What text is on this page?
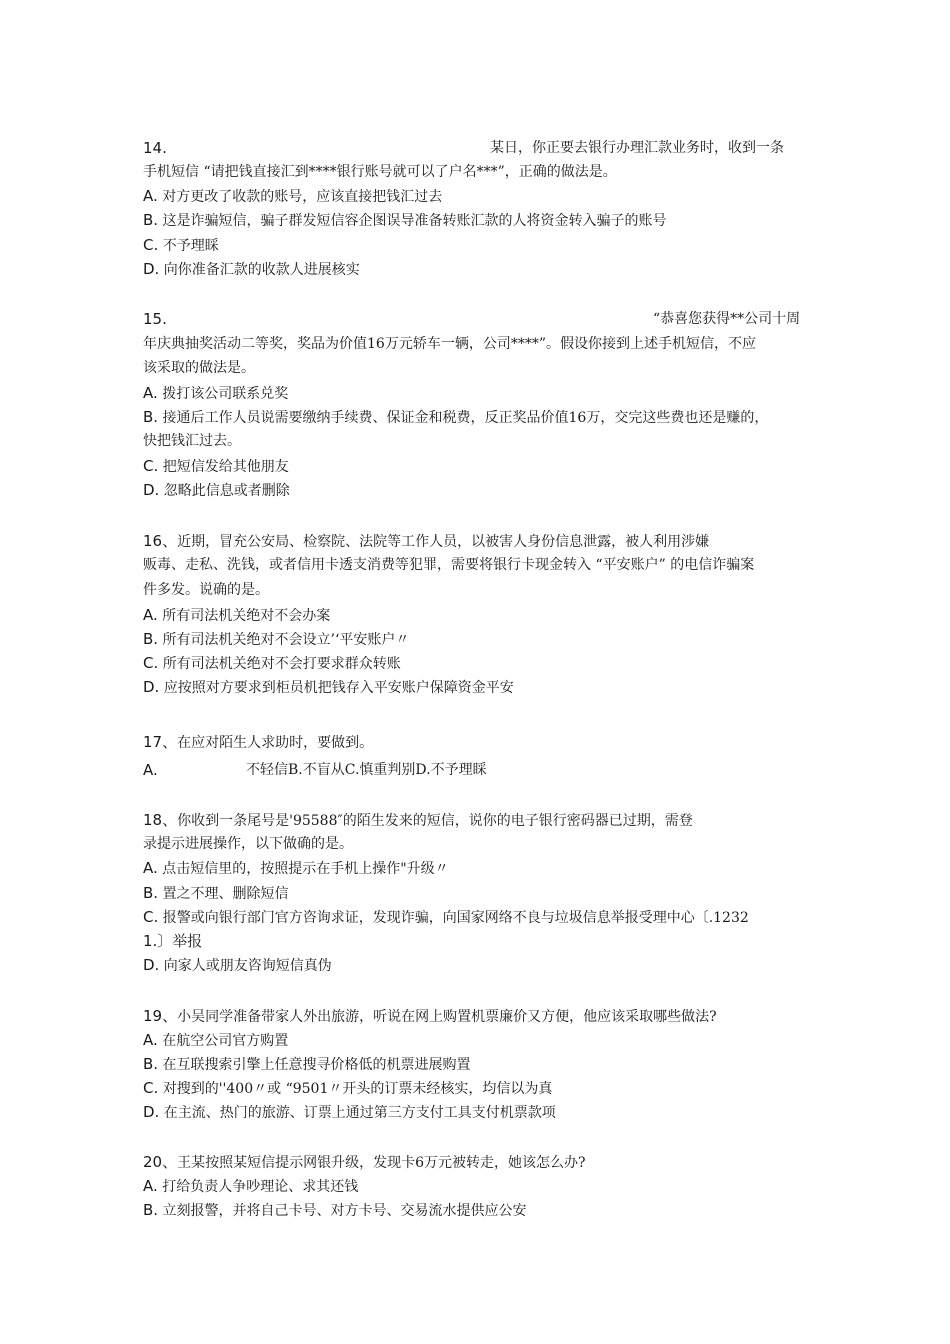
14.	某日，你正要去银行办理汇款业务时，收到一条
手机短信 “请把钱直接汇到****银行账号就可以了户名***”，正确的做法是。
A. 对方更改了收款的账号，应该直接把钱汇过去
B. 这是诈骗短信，骗子群发短信容企图误导准备转账汇款的人将资金转入骗子的账号
C. 不予理睬
D. 向你准备汇款的收款人进展核实
15.	“恭喜您获得**公司十周
年庆典抽奖活动二等奖，奖品为价值16万元轿车一辆，公司****”。假设你接到上述手机短信，不应
该采取的做法是。
A. 拨打该公司联系兑奖
B. 接通后工作人员说需要缴纳手续费、保证金和税费，反正奖品价值16万，交完这些费也还是赚的，
快把钱汇过去。
C. 把短信发给其他朋友
D. 忽略此信息或者删除
16、近期，冒充公安局、检察院、法院等工作人员，以被害人身份信息泄露，被人利用涉嫌
贩毒、走私、洗钱，或者信用卡透支消费等犯罪，需要将银行卡现金转入 “平安账户” 的电信诈骗案
件多发。说确的是。
A. 所有司法机关绝对不会办案
B. 所有司法机关绝对不会设立’‘平安账户〃
C. 所有司法机关绝对不会打要求群众转账
D. 应按照对方要求到柜员机把钱存入平安账户保障资金平安
17、在应对陌生人求助时，要做到。
A.	不轻信B.不盲从C.慎重判别D.不予理睬
18、你收到一条尾号是'95588″的陌生发来的短信，说你的电子银行密码器已过期，需登
录提示进展操作，以下做确的是。
A. 点击短信里的，按照提示在手机上操作"升级〃
B. 置之不理、删除短信
C. 报警或向银行部门官方咨询求证，发现诈骗，向国家网络不良与垃圾信息举报受理中心〔.1232
1.〕举报
D. 向家人或朋友咨询短信真伪
19、小吴同学准备带家人外出旅游，听说在网上购置机票廉价又方便，他应该采取哪些做法?
A. 在航空公司官方购置
B. 在互联搜索引擎上任意搜寻价格低的机票进展购置
C. 对搜到的''400〃或 “9501〃开头的订票未经核实，均信以为真
D. 在主流、热门的旅游、订票上通过第三方支付工具支付机票款项
20、王某按照某短信提示网银升级，发现卡6万元被转走，她该怎么办?
A. 打给负责人争吵理论、求其还钱
B. 立刻报警，并将自己卡号、对方卡号、交易流水提供应公安
